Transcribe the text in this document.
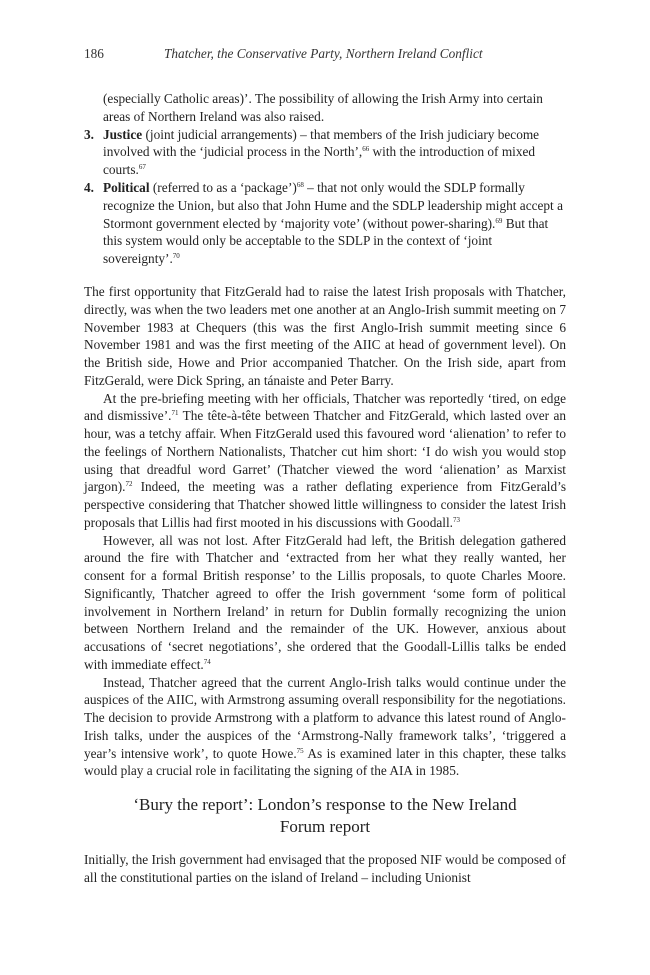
186	Thatcher, the Conservative Party, Northern Ireland Conflict
(especially Catholic areas)’. The possibility of allowing the Irish Army into certain areas of Northern Ireland was also raised.
3. Justice (joint judicial arrangements) – that members of the Irish judiciary become involved with the ‘judicial process in the North’,$^{66}$ with the introduction of mixed courts.$^{67}$
4. Political (referred to as a ‘package’)$^{68}$ – that not only would the SDLP formally recognize the Union, but also that John Hume and the SDLP leadership might accept a Stormont government elected by ‘majority vote’ (without power-sharing).$^{69}$ But that this system would only be acceptable to the SDLP in the context of ‘joint sovereignty’.$^{70}$

The first opportunity that FitzGerald had to raise the latest Irish proposals with Thatcher, directly, was when the two leaders met one another at an Anglo-Irish summit meeting on 7 November 1983 at Chequers (this was the first Anglo-Irish summit meeting since 6 November 1981 and was the first meeting of the AIIC at head of government level). On the British side, Howe and Prior accompanied Thatcher. On the Irish side, apart from FitzGerald, were Dick Spring, an tánaiste and Peter Barry.

At the pre-briefing meeting with her officials, Thatcher was reportedly ‘tired, on edge and dismissive’.$^{71}$ The tête-à-tête between Thatcher and FitzGerald, which lasted over an hour, was a tetchy affair. When FitzGerald used this favoured word ‘alienation’ to refer to the feelings of Northern Nationalists, Thatcher cut him short: ‘I do wish you would stop using that dreadful word Garret’ (Thatcher viewed the word ‘alienation’ as Marxist jargon).$^{72}$ Indeed, the meeting was a rather deflating experience from FitzGerald’s perspective considering that Thatcher showed little willingness to consider the latest Irish proposals that Lillis had first mooted in his discussions with Goodall.$^{73}$

However, all was not lost. After FitzGerald had left, the British delegation gathered around the fire with Thatcher and ‘extracted from her what they really wanted, her consent for a formal British response’ to the Lillis proposals, to quote Charles Moore. Significantly, Thatcher agreed to offer the Irish government ‘some form of political involvement in Northern Ireland’ in return for Dublin formally recognizing the union between Northern Ireland and the remainder of the UK. However, anxious about accusations of ‘secret negotiations’, she ordered that the Goodall-Lillis talks be ended with immediate effect.$^{74}$

Instead, Thatcher agreed that the current Anglo-Irish talks would continue under the auspices of the AIIC, with Armstrong assuming overall responsibility for the negotiations. The decision to provide Armstrong with a platform to advance this latest round of Anglo-Irish talks, under the auspices of the ‘Armstrong-Nally framework talks’, ‘triggered a year’s intensive work’, to quote Howe.$^{75}$ As is examined later in this chapter, these talks would play a crucial role in facilitating the signing of the AIA in 1985.

‘Bury the report’: London’s response to the New Ireland
Forum report

Initially, the Irish government had envisaged that the proposed NIF would be composed of all the constitutional parties on the island of Ireland – including Unionist
